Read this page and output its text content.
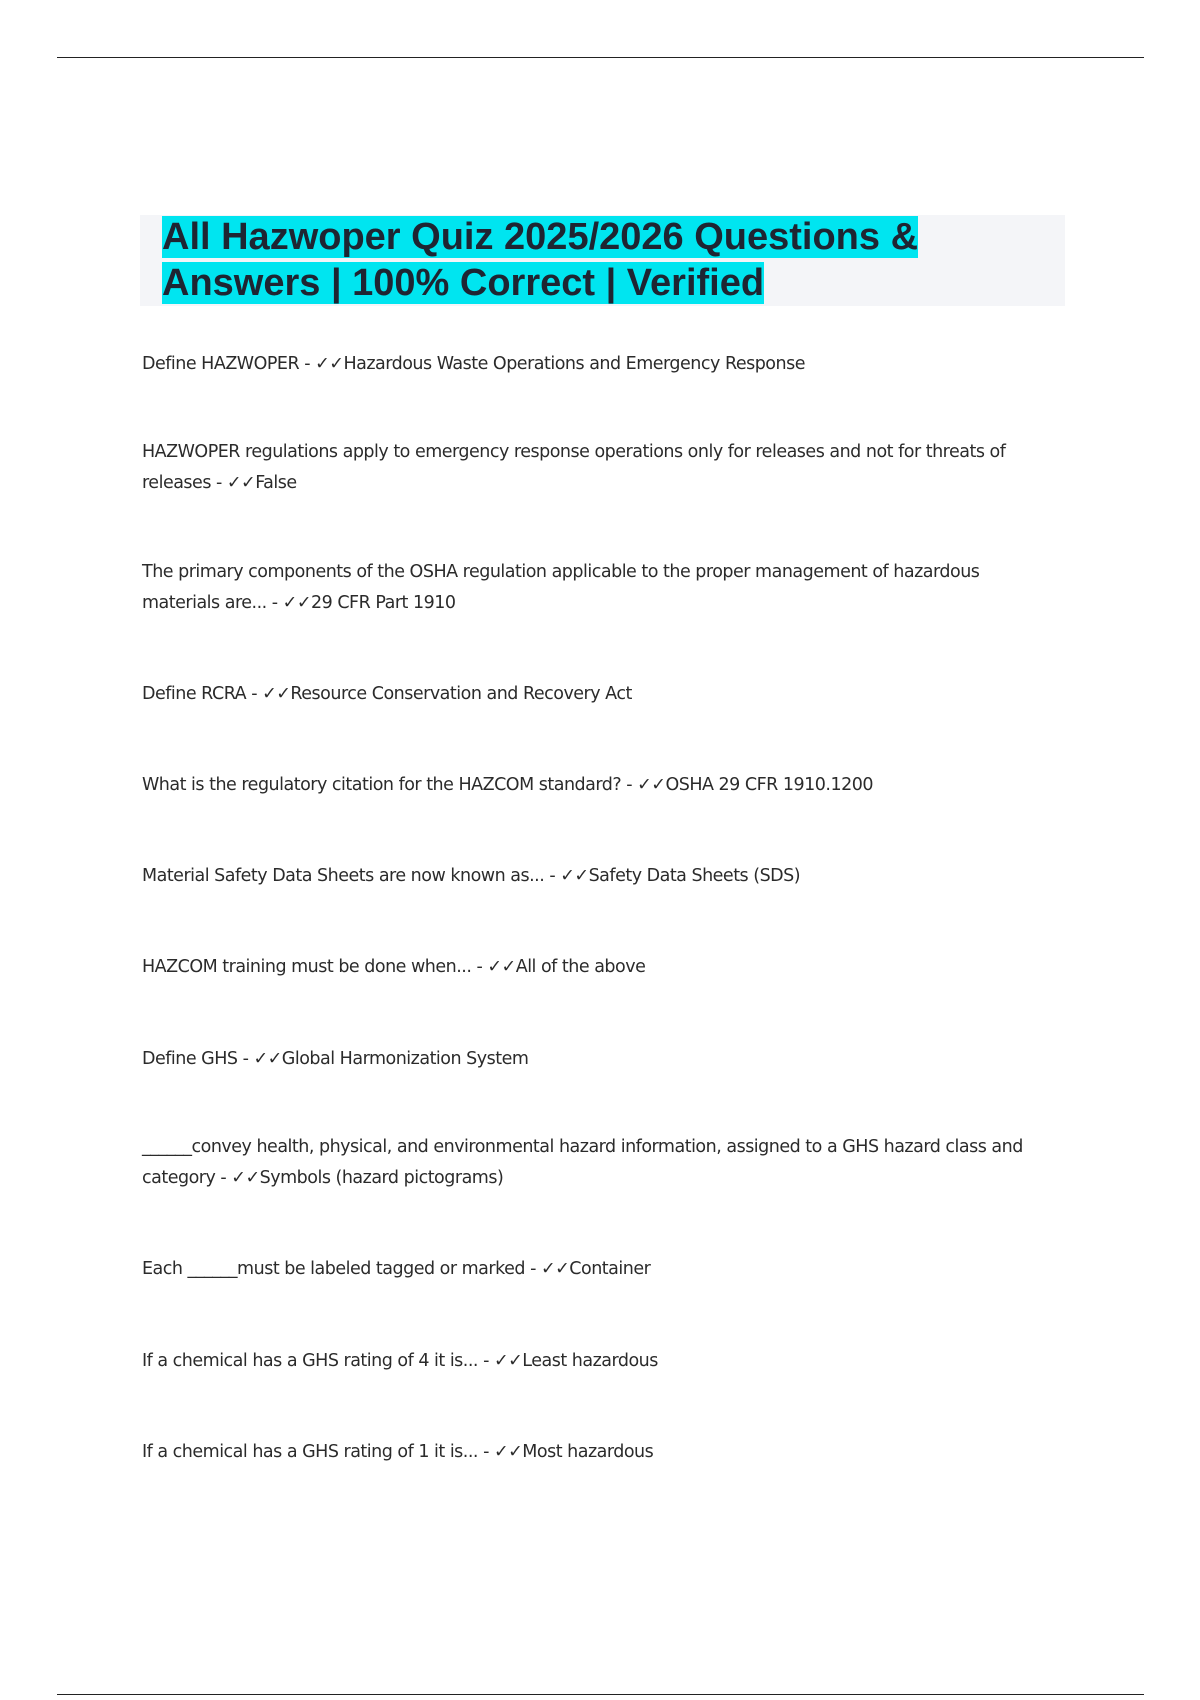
All Hazwoper Quiz 2025/2026 Questions & Answers | 100% Correct | Verified

Define HAZWOPER - ✓✓Hazardous Waste Operations and Emergency Response

HAZWOPER regulations apply to emergency response operations only for releases and not for threats of releases - ✓✓False

The primary components of the OSHA regulation applicable to the proper management of hazardous materials are... - ✓✓29 CFR Part 1910

Define RCRA - ✓✓Resource Conservation and Recovery Act

What is the regulatory citation for the HAZCOM standard? - ✓✓OSHA 29 CFR 1910.1200

Material Safety Data Sheets are now known as... - ✓✓Safety Data Sheets (SDS)

HAZCOM training must be done when... - ✓✓All of the above

Define GHS - ✓✓Global Harmonization System

______convey health, physical, and environmental hazard information, assigned to a GHS hazard class and category - ✓✓Symbols (hazard pictograms)

Each ______must be labeled tagged or marked - ✓✓Container

If a chemical has a GHS rating of 4 it is... - ✓✓Least hazardous

If a chemical has a GHS rating of 1 it is... - ✓✓Most hazardous
